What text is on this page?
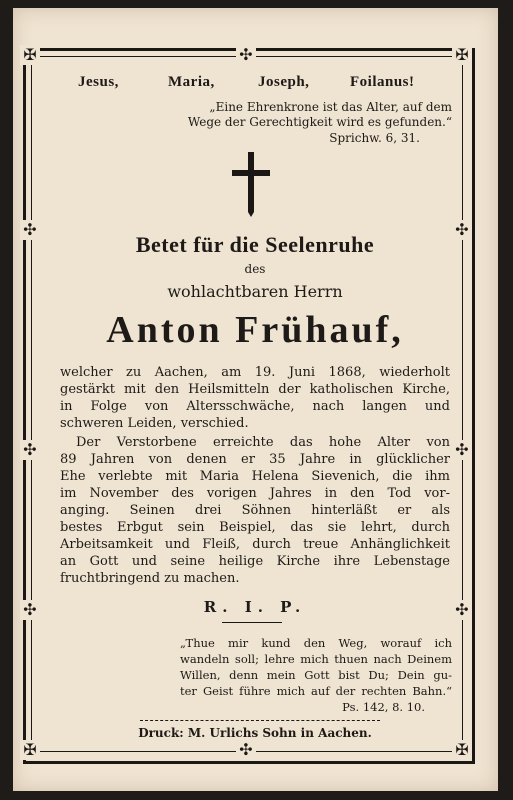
✠	✠
✠	✠
✣
✣
✣	✣
✣	✣
✣	✣
Jesus,	Maria,	Joseph,	Foilanus!
„Eine Ehrenkrone ist das Alter, auf dem
Wege der Gerechtigkeit wird es gefunden.“
Sprichw. 6, 31.
Betet für die Seelenruhe
des
wohlachtbaren Herrn
Anton Frühauf,
welcher zu Aachen, am 19. Juni 1868, wiederholt
gestärkt mit den Heilsmitteln der katholischen Kirche,
in Folge von Altersschwäche, nach langen und
schweren Leiden, verschied.
Der Verstorbene erreichte das hohe Alter von
89 Jahren von denen er 35 Jahre in glücklicher
Ehe verlebte mit Maria Helena Sievenich, die ihm
im November des vorigen Jahres in den Tod vor-
anging. Seinen drei Söhnen hinterläßt er als
bestes Erbgut sein Beispiel, das sie lehrt, durch
Arbeitsamkeit und Fleiß, durch treue Anhänglichkeit
an Gott und seine heilige Kirche ihre Lebenstage
fruchtbringend zu machen.
R. I. P.
„Thue mir kund den Weg, worauf ich
wandeln soll; lehre mich thuen nach Deinem
Willen, denn mein Gott bist Du; Dein gu-
ter Geist führe mich auf der rechten Bahn.“
Ps. 142, 8. 10.
Druck: M. Urlichs Sohn in Aachen.
